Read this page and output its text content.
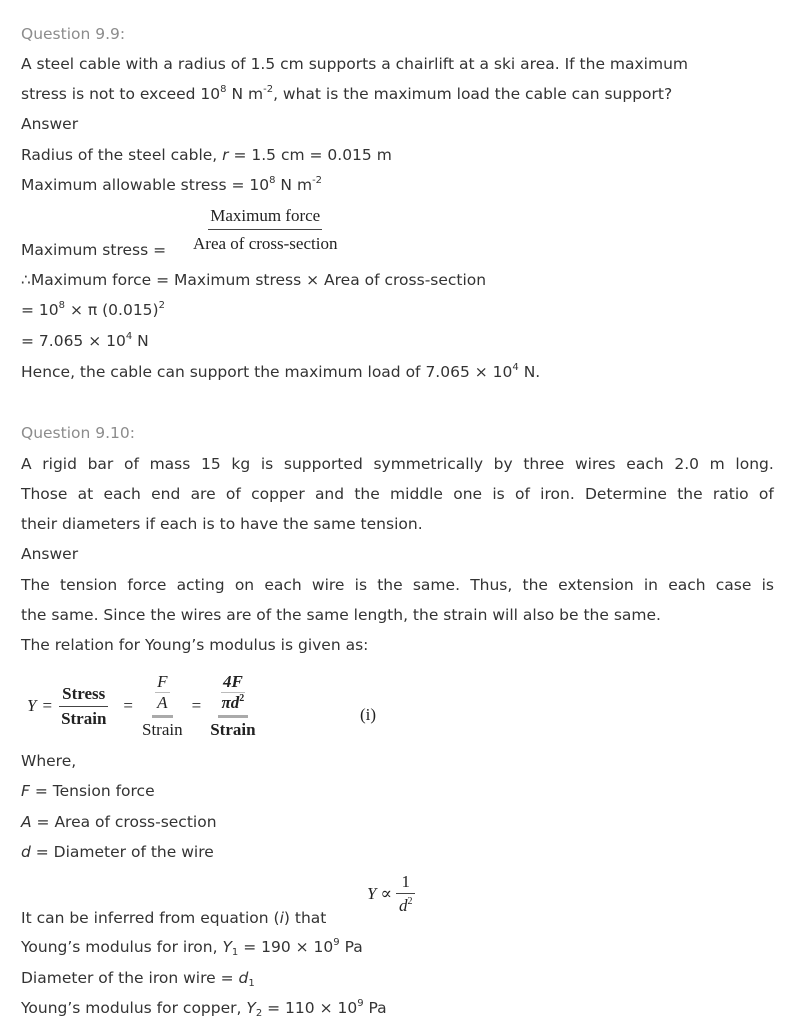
Question 9.9:
A steel cable with a radius of 1.5 cm supports a chairlift at a ski area. If the maximum
stress is not to exceed $10^8$ N $m^{-2}$, what is the maximum load the cable can support?
Answer
Radius of the steel cable, r = 1.5 cm = 0.015 m
Maximum allowable stress = $10^8$ N $m^{-2}$
Maximum stress = $\frac{\text{Maximum force}}{\text{Area of cross-section}}$
∴Maximum force = Maximum stress × Area of cross-section
= $10^8 \times \pi$ $(0.015)^2$
= $7.065 \times 10^4$ N
Hence, the cable can support the maximum load of $7.065 \times 10^4$ N.
Question 9.10:
A rigid bar of mass 15 kg is supported symmetrically by three wires each 2.0 m long.
Those at each end are of copper and the middle one is of iron. Determine the ratio of
their diameters if each is to have the same tension.
Answer
The tension force acting on each wire is the same. Thus, the extension in each case is
the same. Since the wires are of the same length, the strain will also be the same.
The relation for Young’s modulus is given as:
$Y = \frac{\text{Stress}}{\text{Strain}} = F$
A
Strain = 4F
$\pi d^2$
Strain	(i)
Where,
F = Tension force
A = Area of cross-section
d = Diameter of the wire
It can be inferred from equation (i) that
$Y \propto \frac{1}{d^2}$
Young’s modulus for iron, $Y_1 = 190 \times 10^9$ Pa
Diameter of the iron wire = $d_1$
Young’s modulus for copper, $Y_2 = 110 \times 10^9$ Pa
